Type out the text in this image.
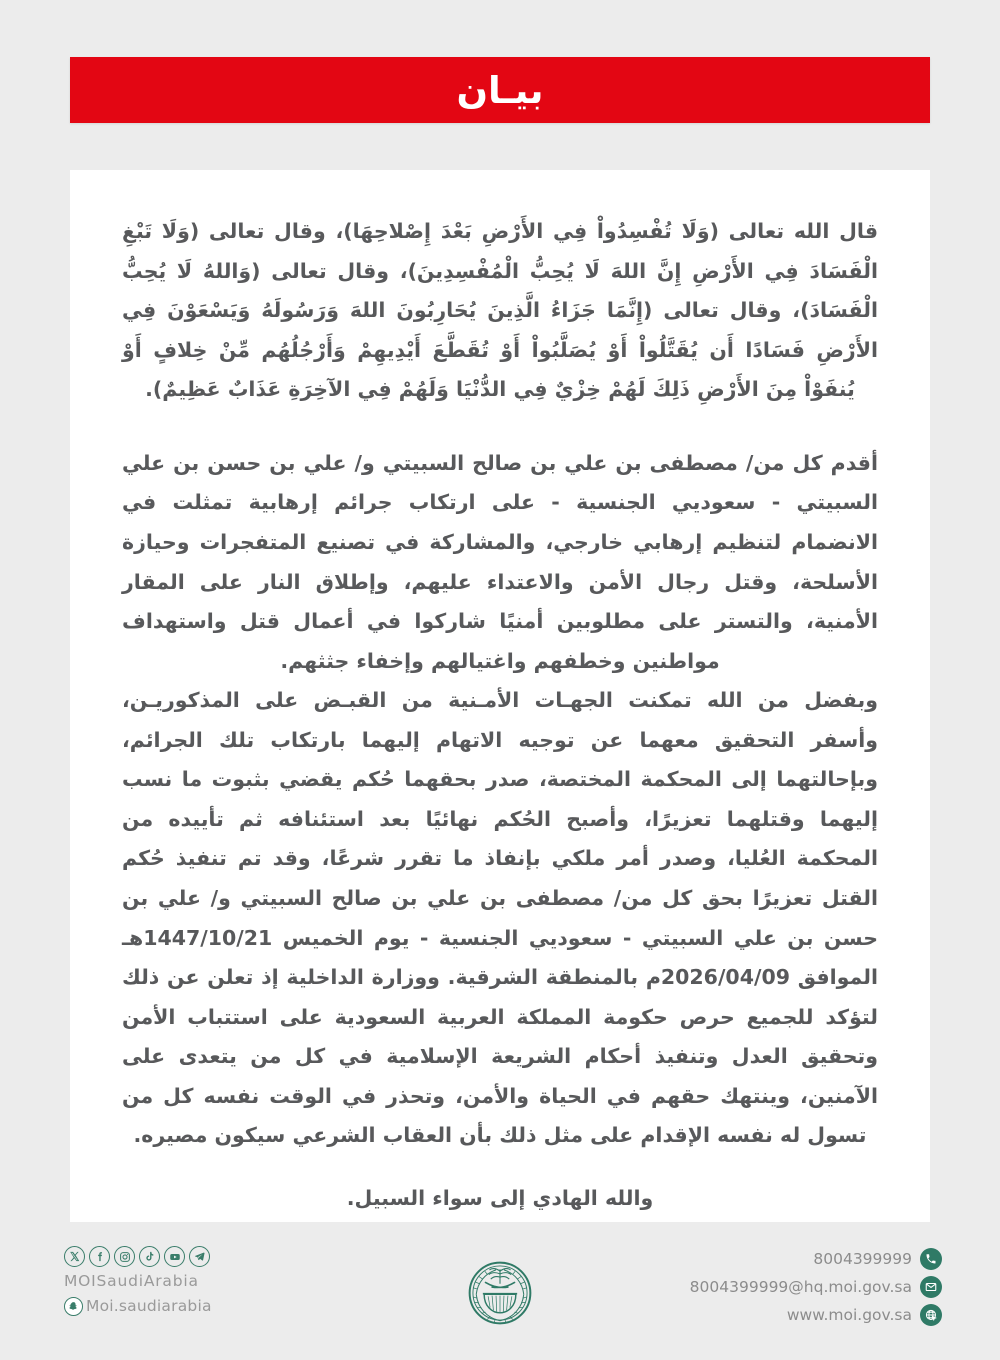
بيـان

قال الله تعالى (وَلَا تُفْسِدُواْ فِي الأَرْضِ بَعْدَ إِصْلاحِهَا)، وقال تعالى (وَلَا تَبْغِ الْفَسَادَ فِي الأَرْضِ إِنَّ اللهَ لَا يُحِبُّ الْمُفْسِدِينَ)، وقال تعالى (وَاللهُ لَا يُحِبُّ الْفَسَادَ)، وقال تعالى (إِنَّمَا جَزَاءُ الَّذِينَ يُحَارِبُونَ اللهَ وَرَسُولَهُ وَيَسْعَوْنَ فِي الأَرْضِ فَسَادًا أَن يُقَتَّلُواْ أَوْ يُصَلَّبُواْ أَوْ تُقَطَّعَ أَيْدِيهِمْ وَأَرْجُلُهُم مِّنْ خِلافٍ أَوْ يُنفَوْاْ مِنَ الأَرْضِ ذَلِكَ لَهُمْ خِزْيٌ فِي الدُّنْيَا وَلَهُمْ فِي الآخِرَةِ عَذَابٌ عَظِيمٌ).

أقدم كل من/ مصطفى بن علي بن صالح السبيتي و/ علي بن حسن بن علي السبيتي - سعوديي الجنسية - على ارتكاب جرائم إرهابية تمثلت في الانضمام لتنظيم إرهابي خارجي، والمشاركة في تصنيع المتفجرات وحيازة الأسلحة، وقتل رجال الأمن والاعتداء عليهم، وإطلاق النار على المقار الأمنية، والتستر على مطلوبين أمنيًا شاركوا في أعمال قتل واستهداف مواطنين وخطفهم واغتيالهم وإخفاء جثثهم.

وبفضل من الله تمكنت الجهـات الأمـنية من القبـض على المذكوريـن، وأسفر التحقيق معهما عن توجيه الاتهام إليهما بارتكاب تلك الجرائم، وبإحالتهما إلى المحكمة المختصة، صدر بحقهما حُكم يقضي بثبوت ما نسب إليهما وقتلهما تعزيرًا، وأصبح الحُكم نهائيًا بعد استئنافه ثم تأييده من المحكمة العُليا، وصدر أمر ملكي بإنفاذ ما تقرر شرعًا، وقد تم تنفيذ حُكم القتل تعزيرًا بحق كل من/ مصطفى بن علي بن صالح السبيتي و/ علي بن حسن بن علي السبيتي - سعوديي الجنسية - يوم الخميس 1447/10/21هـ الموافق 2026/04/09م بالمنطقة الشرقية. ووزارة الداخلية إذ تعلن عن ذلك لتؤكد للجميع حرص حكومة المملكة العربية السعودية على استتباب الأمن وتحقيق العدل وتنفيذ أحكام الشريعة الإسلامية في كل من يتعدى على الآمنين، وينتهك حقهم في الحياة والأمن، وتحذر في الوقت نفسه كل من تسول له نفسه الإقدام على مثل ذلك بأن العقاب الشرعي سيكون مصيره.

والله الهادي إلى سواء السبيل.
MOISaudiArabia
Moi.saudiarabia
8004399999
8004399999@hq.moi.gov.sa
www.moi.gov.sa
